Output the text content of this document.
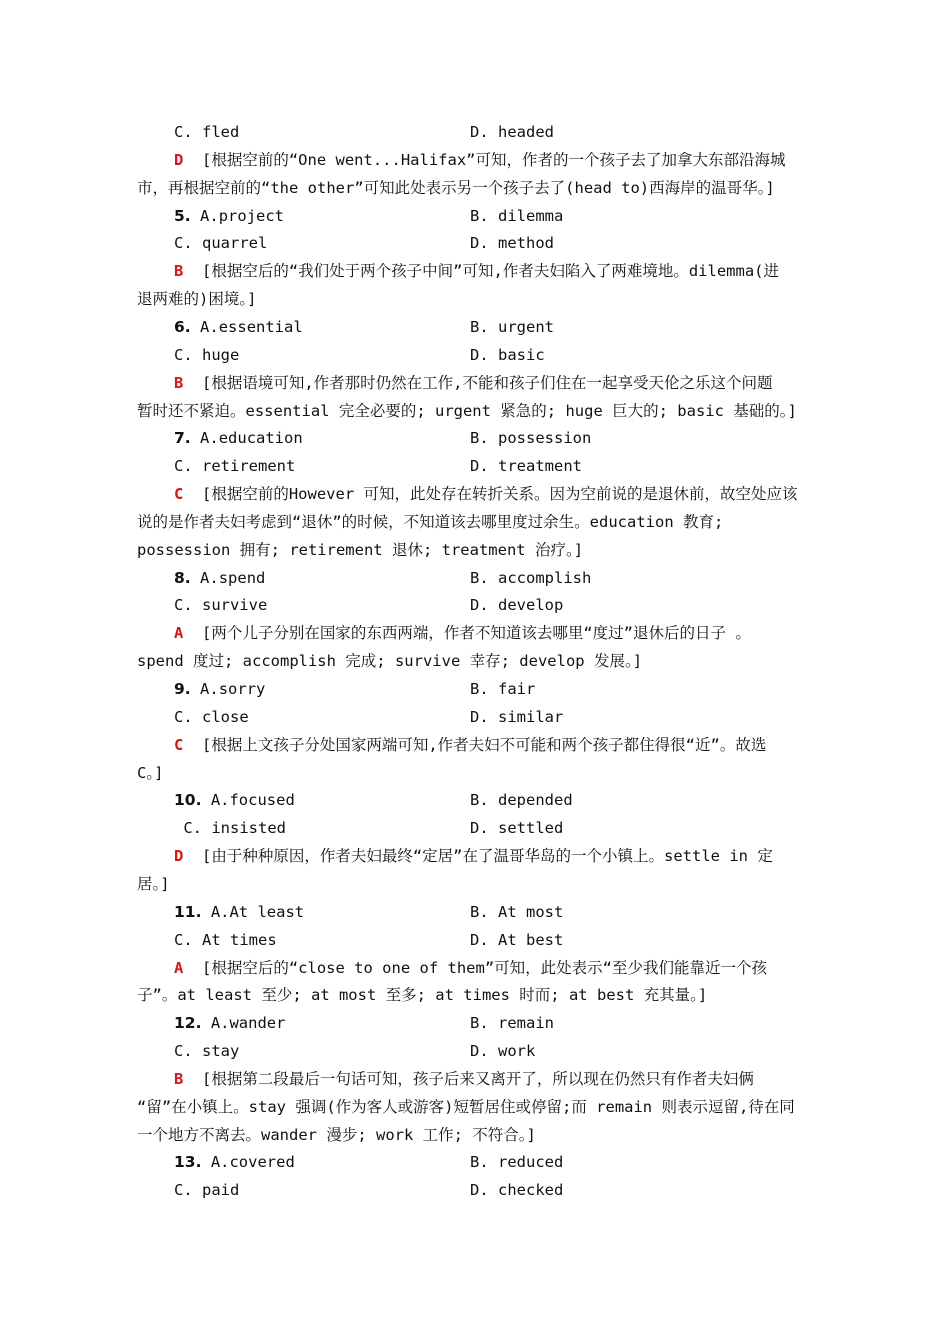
C. fled	D. headed
D [根据空前的“One went...Halifax”可知，作者的一个孩子去了加拿大东部沿海城
市，再根据空前的“the other”可知此处表示另一个孩子去了(head to)西海岸的温哥华。]
5. A.project	B. dilemma
C. quarrel	D. method
B [根据空后的“我们处于两个孩子中间”可知,作者夫妇陷入了两难境地。dilemma(进
退两难的)困境。]
6. A.essential	B. urgent
C. huge	D. basic
B [根据语境可知,作者那时仍然在工作,不能和孩子们住在一起享受天伦之乐这个问题
暂时还不紧迫。essential 完全必要的; urgent 紧急的; huge 巨大的; basic 基础的。]
7. A.education	B. possession
C. retirement	D. treatment
C [根据空前的However 可知，此处存在转折关系。因为空前说的是退休前，故空处应该
说的是作者夫妇考虑到“退休”的时候，不知道该去哪里度过余生。education 教育;
possession 拥有; retirement 退休; treatment 治疗。]
8. A.spend	B. accomplish
C. survive	D. develop
A [两个儿子分别在国家的东西两端，作者不知道该去哪里“度过”退休后的日子 。
spend 度过; accomplish 完成; survive 幸存; develop 发展。]
9. A.sorry	B. fair
C. close	D. similar
C [根据上文孩子分处国家两端可知,作者夫妇不可能和两个孩子都住得很“近”。故选
C。]
10. A.focused	B. depended
C. insisted	D. settled
D [由于种种原因，作者夫妇最终“定居”在了温哥华岛的一个小镇上。settle in 定
居。]
11. A.At least	B. At most
C. At times	D. At best
A [根据空后的“close to one of them”可知，此处表示“至少我们能靠近一个孩
子”。at least 至少; at most 至多; at times 时而; at best 充其量。]
12. A.wander	B. remain
C. stay	D. work
B [根据第二段最后一句话可知，孩子后来又离开了，所以现在仍然只有作者夫妇俩
“留”在小镇上。stay 强调(作为客人或游客)短暂居住或停留;而 remain 则表示逗留,待在同
一个地方不离去。wander 漫步; work 工作; 不符合。]
13. A.covered	B. reduced
C. paid	D. checked
